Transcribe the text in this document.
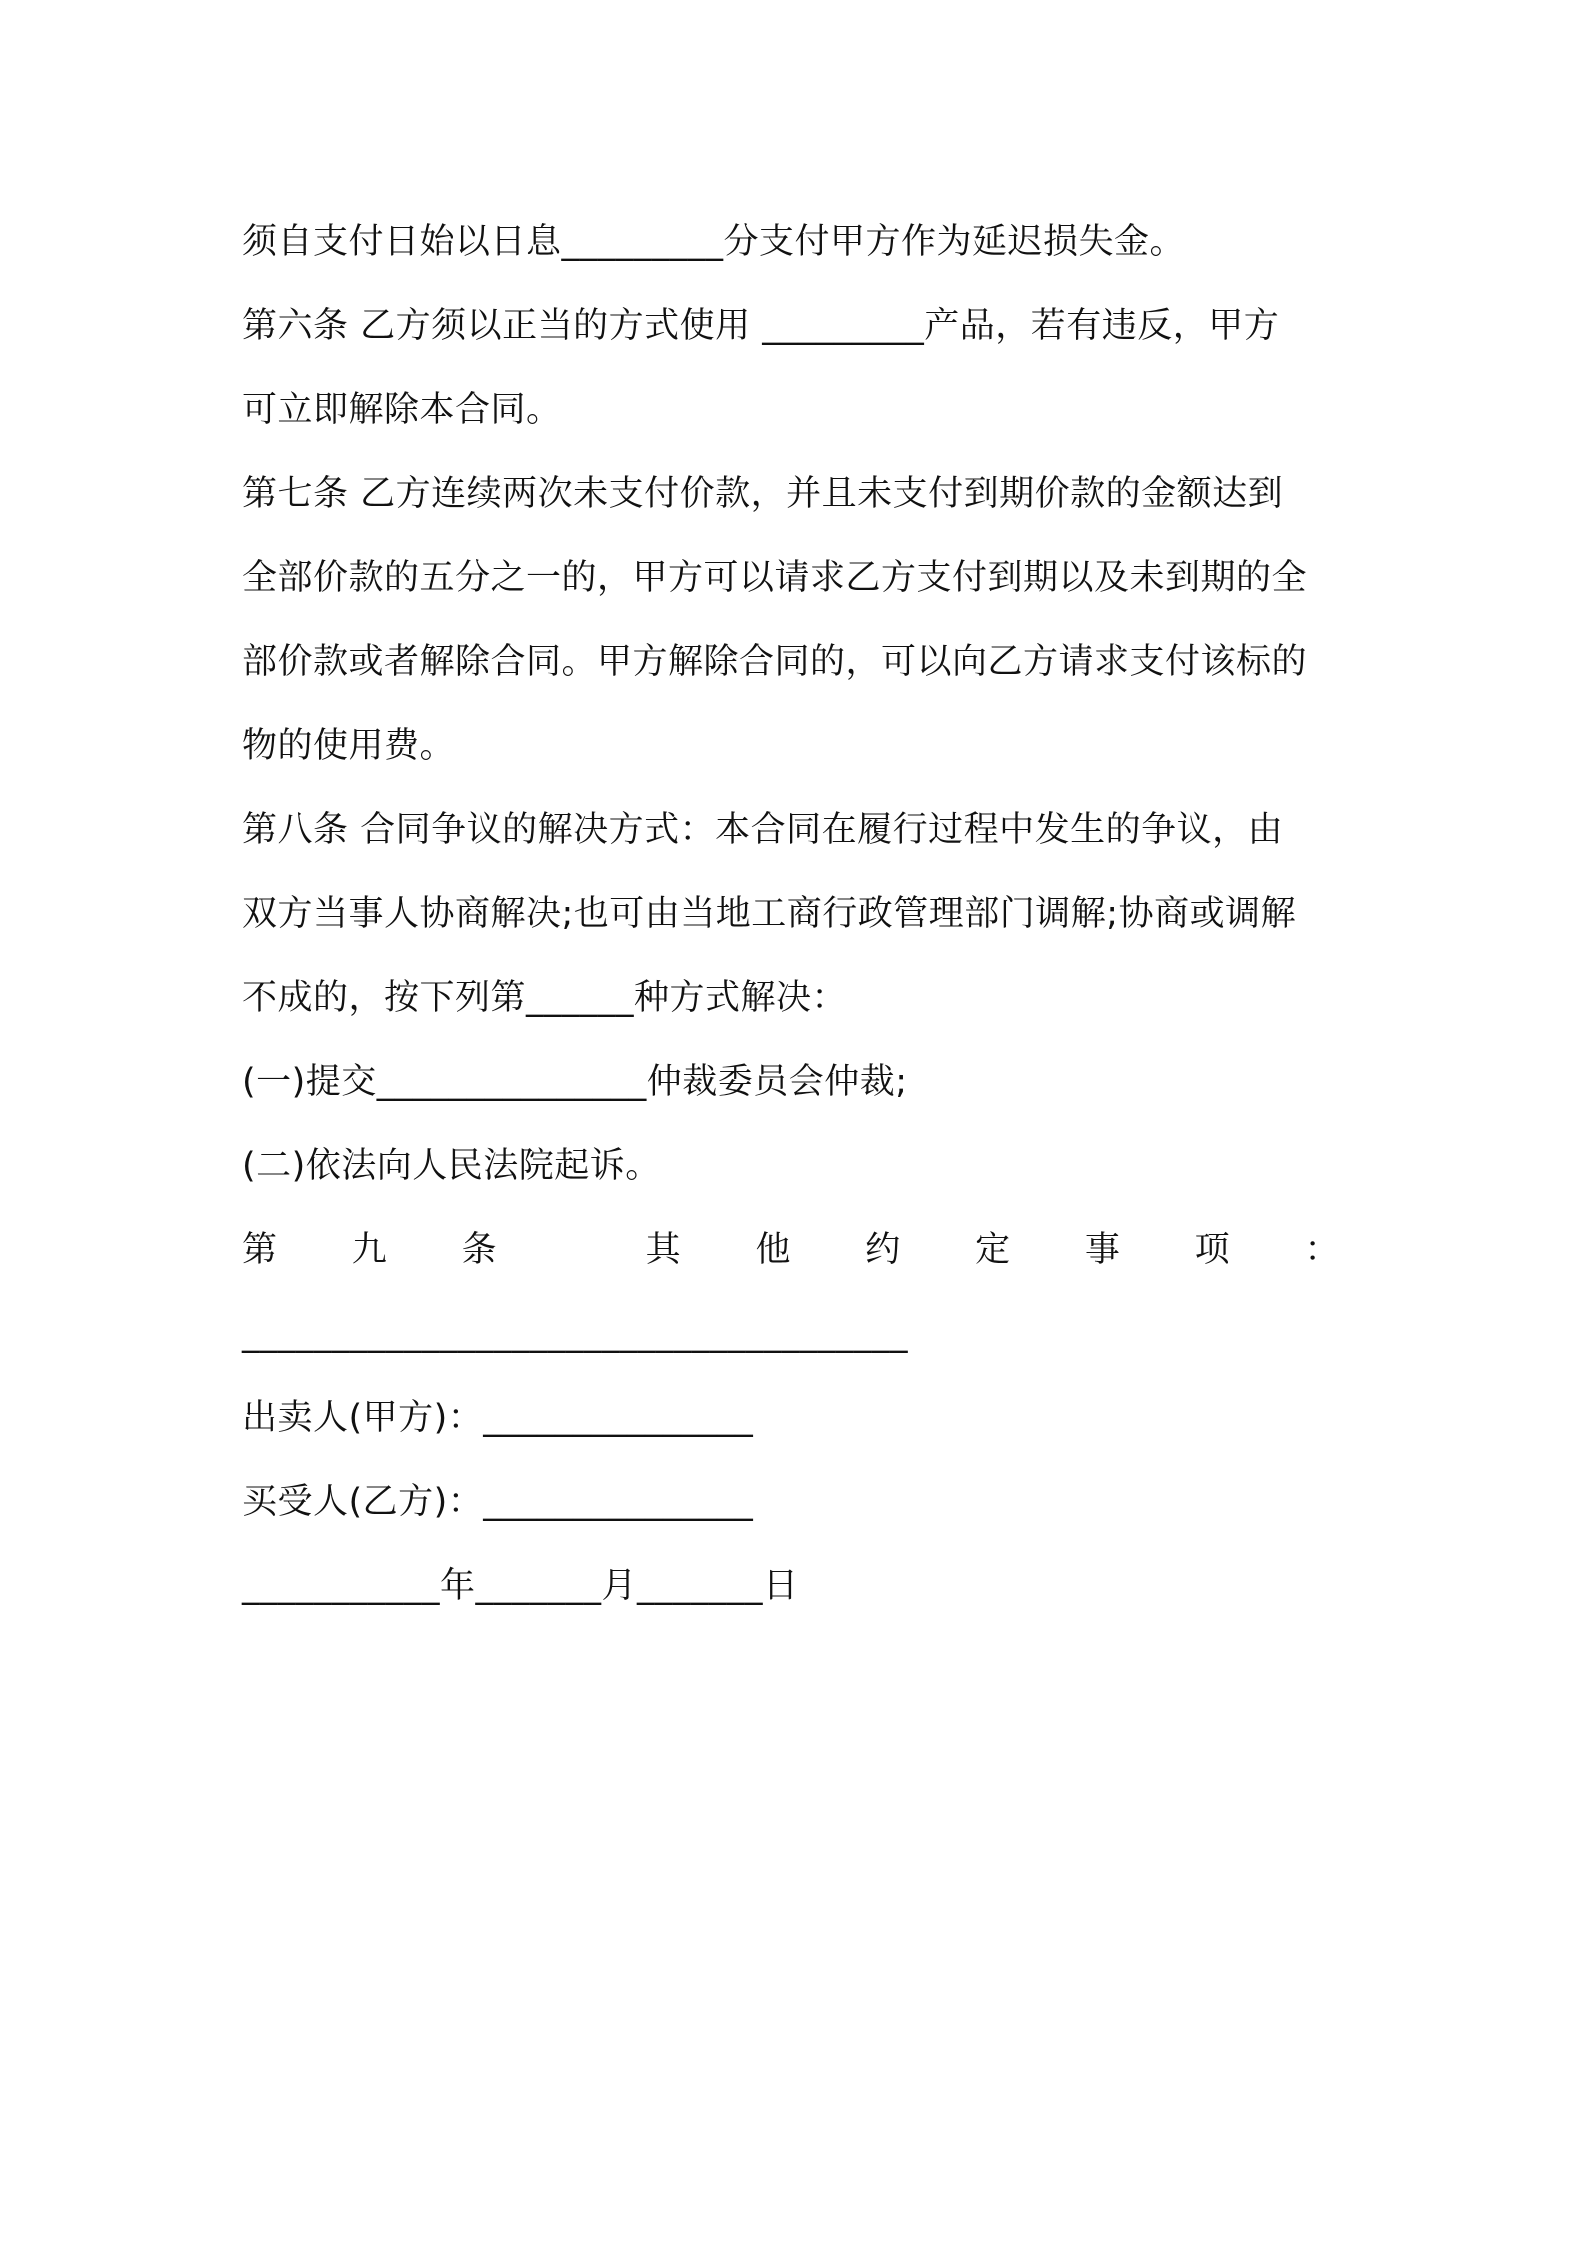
须自支付日始以日息_________分支付甲方作为延迟损失金。
第六条 乙方须以正当的方式使用 _________产品，若有违反，甲方
可立即解除本合同。
第七条 乙方连续两次未支付价款，并且未支付到期价款的金额达到
全部价款的五分之一的，甲方可以请求乙方支付到期以及未到期的全
部价款或者解除合同。甲方解除合同的，可以向乙方请求支付该标的
物的使用费。
第八条 合同争议的解决方式：本合同在履行过程中发生的争议，由
双方当事人协商解决;也可由当地工商行政管理部门调解;协商或调解
不成的，按下列第______种方式解决：
(一)提交_______________仲裁委员会仲裁;
(二)依法向人民法院起诉。
第 九 条	其 他 约 定 事 项 ：
_____________________________________
出卖人(甲方)：_______________
买受人(乙方)：_______________
___________年_______月_______日
